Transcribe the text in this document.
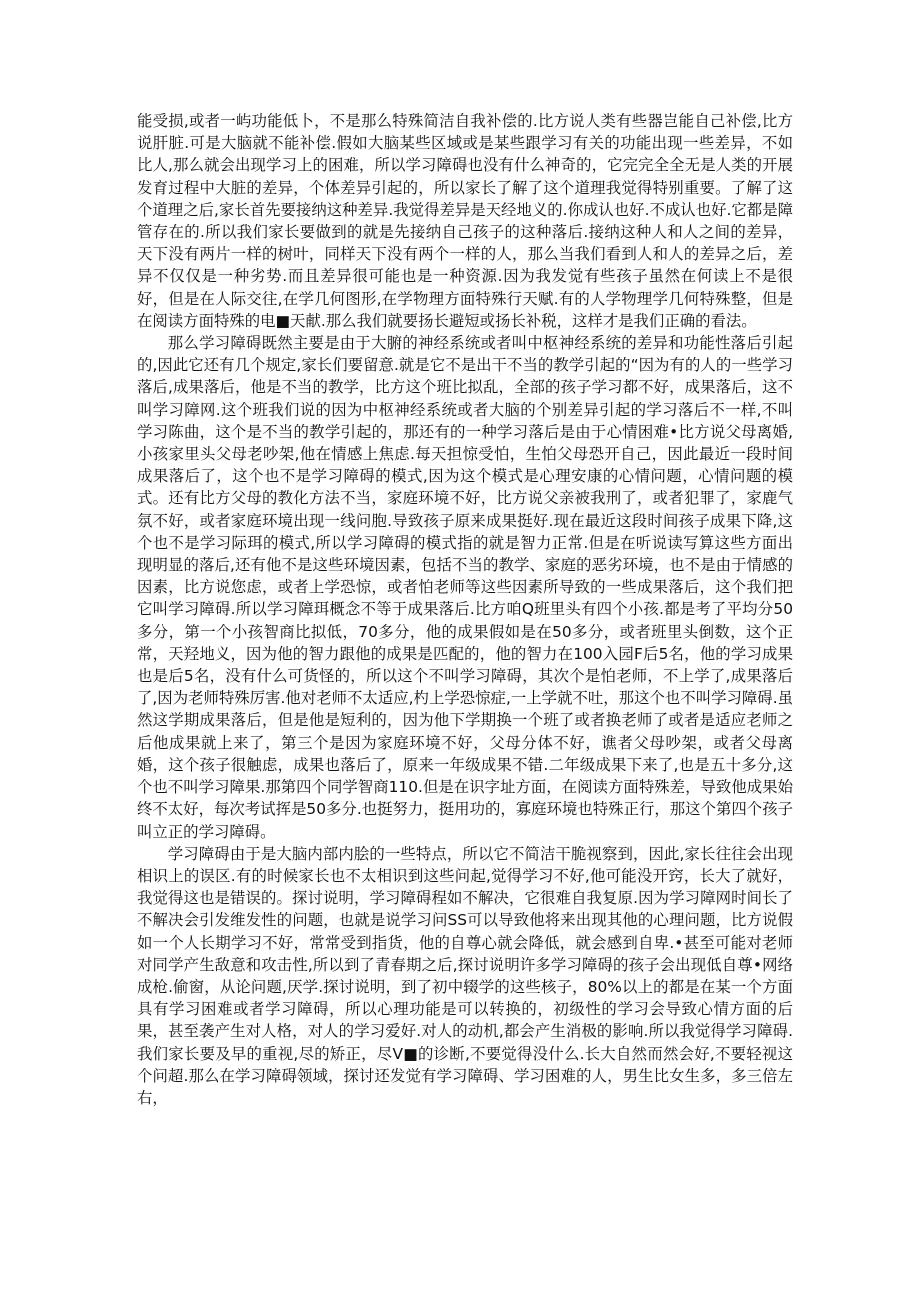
能受损,或者一屿功能低卜，不是那么特殊简洁自我补偿的.比方说人类有些器岂能自己补偿,比方说肝脏.可是大脑就不能补偿.假如大脑某些区域或是某些跟学习有关的功能出现一些差异，不如比人,那么就会出现学习上的困难，所以学习障碍也没有什么神奇的，它完完全全无是人类的开展发育过程中大脏的差异，个体差异引起的，所以家长了解了这个道理我觉得特别重要。了解了这个道理之后,家长首先要接纳这种差异.我觉得差异是天经地义的.你成认也好.不成认也好.它都是障管存在的.所以我们家长要做到的就是先接纳自己孩子的这种落后.接纳这种人和人之间的差异，天下没有两片一样的树叶，同样天下没有两个一样的人，那么当我们看到人和人的差异之后，差异不仅仅是一种劣势.而且差异很可能也是一种资源.因为我发觉有些孩子虽然在何读上不是很好，但是在人际交往,在学几何图形,在学物理方面特殊行天赋.有的人学物理学几何特殊整，但是在阅读方面特殊的电■天献.那么我们就要扬长避短或扬长补税，这样才是我们正确的看法。

那么学习障碍既然主要是由于大腑的神经系统或者叫中枢神经系统的差异和功能性落后引起的,因此它还有几个规定,家长们要留意.就是它不是出干不当的教学引起的“因为有的人的一些学习落后,成果落后，他是不当的教学，比方这个班比拟乱，全部的孩子学习都不好，成果落后，这不叫学习障网.这个班我们说的因为中枢神经系统或者大脑的个别差异引起的学习落后不一样,不叫学习陈曲，这个是不当的教学引起的，那还有的一种学习落后是由于心情困难•比方说父母离婚,小孩家里头父母老吵架,他在情感上焦虑.每天担惊受怕，生怕父母恐开自己，因此最近一段时间成果落后了，这个也不是学习障碍的模式,因为这个模式是心理安康的心情问题，心情问题的模式。还有比方父母的教化方法不当，家庭环境不好，比方说父亲被我刑了，或者犯罪了，家鹿气氛不好，或者家庭环境出现一线问胞.导致孩子原来成果挺好.现在最近这段时间孩子成果下降,这个也不是学习际珥的模式,所以学习障碍的模式指的就是智力正常.但是在听说读写算这些方面出现明显的落后,还有他不是这些环境因素，包括不当的教学、家庭的恶劣环境，也不是由于情感的因素，比方说您虑，或者上学恐惊，或者怕老师等这些因素所导致的一些成果落后，这个我们把它叫学习障碍.所以学习障珥概念不等于成果落后.比方咱Q班里头有四个小孩.都是考了平均分50多分，第一个小孩智商比拟低，70多分，他的成果假如是在50多分，或者班里头倒数，这个正常，天羟地义，因为他的智力跟他的成果是匹配的，他的智力在100入园F后5名，他的学习成果也是后5名，没有什么可货怪的，所以这个不叫学习障碍，其次个是怕老师，不上学了,成果落后了,因为老师特殊厉害.他对老师不太适应,杓上学恐惊症,一上学就不吐，那这个也不叫学习障碍.虽然这学期成果落后，但是他是短利的，因为他下学期换一个班了或者换老师了或者是适应老师之后他成果就上来了，第三个是因为家庭环境不好，父母分体不好，谯者父母吵架，或者父母离婚，这个孩子很触虑，成果也落后了，原来一年级成果不错.二年级成果下来了,也是五十多分,这个也不叫学习障果.那第四个同学智商110.但是在识字址方面，在阅读方面特殊差，导致他成果始终不太好，每次考试挥是50多分.也挺努力，挺用功的，寡庭环境也特殊正行，那这个第四个孩子叫立正的学习障碍。

学习障碍由于是大脑内部内脍的一些特点，所以它不简洁干脆视察到，因此,家长往往会出现相识上的误区.有的时候家长也不太相识到这些问起,觉得学习不好,他可能没开窍，长大了就好，我觉得这也是错误的。探讨说明，学习障碍程如不解决，它很难自我复原.因为学习障网时间长了不解决会引发维发性的问题，也就是说学习问SS可以导致他将来出现其他的心理问题，比方说假如一个人长期学习不好，常常受到指货，他的自尊心就会降低，就会感到自卑.•甚至可能对老师对同学产生敌意和攻击性,所以到了青春期之后,探讨说明许多学习障碍的孩子会出现低自尊•网络成枪.偷窗，从论问题,厌学.探讨说明，到了初中辍学的这些核子，80%以上的都是在某一个方面具有学习困难或者学习障碍，所以心理功能是可以转换的，初级性的学习会导致心情方面的后果，甚至袭产生对人格，对人的学习爱好.对人的动机,都会产生消极的影响.所以我觉得学习障碍.我们家长要及早的重视,尽的矫正，尽V■的诊断,不要觉得没什么.长大自然而然会好,不要轻视这个问超.那么在学习障碍领域，探讨还发觉有学习障碍、学习困难的人，男生比女生多，多三倍左右，
